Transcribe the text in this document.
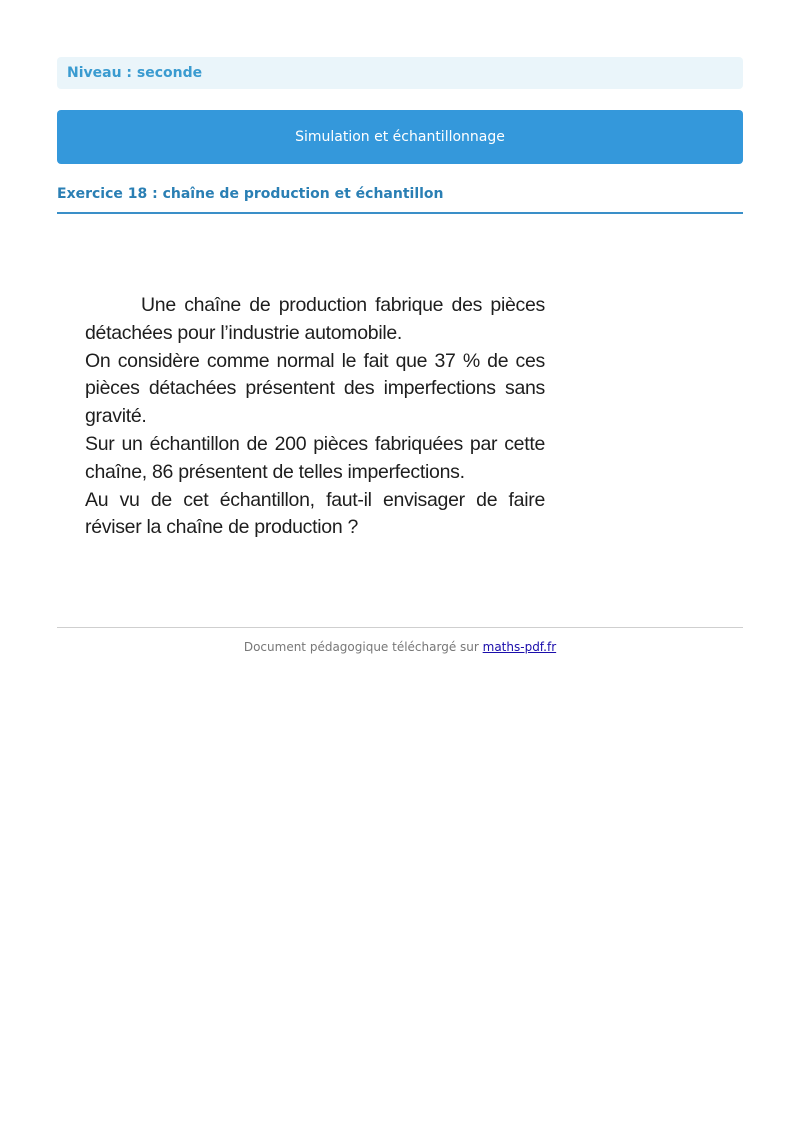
Niveau : seconde
Simulation et échantillonnage
Exercice 18 : chaîne de production et échantillon

Une chaîne de production fabrique des pièces détachées pour l’industrie automobile.

On considère comme normal le fait que 37 % de ces pièces détachées présentent des imperfections sans gravité.

Sur un échantillon de 200 pièces fabriquées par cette chaîne, 86 présentent de telles imperfections.

Au vu de cet échantillon, faut-il envisager de faire réviser la chaîne de production ?

Document pédagogique téléchargé sur maths-pdf.fr
